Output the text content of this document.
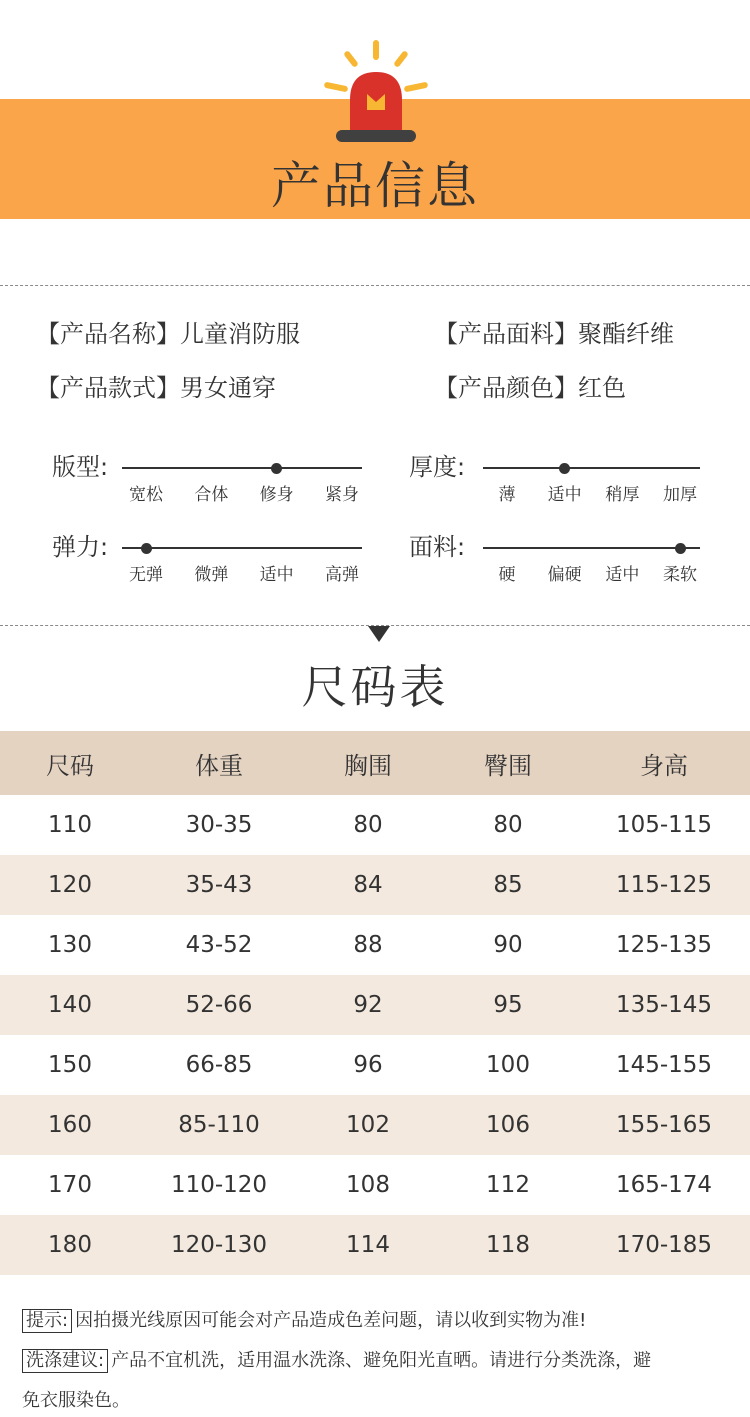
产品信息
【产品名称】儿童消防服	【产品面料】聚酯纤维
【产品款式】男女通穿	【产品颜色】红色
版型:
宽松	合体	修身	紧身
厚度:
薄	适中	稍厚	加厚
弹力:
无弹	微弹	适中	高弹
面料:
硬	偏硬	适中	柔软
尺码表
尺码	体重	胸围	臀围	身高
110	30-35	80	80	105-115
120	35-43	84	85	115-125
130	43-52	88	90	125-135
140	52-66	92	95	135-145
150	66-85	96	100	145-155
160	85-110	102	106	155-165
170	110-120	108	112	165-174
180	120-130	114	118	170-185
提示: 因拍摄光线原因可能会对产品造成色差问题，请以收到实物为准!
洗涤建议: 产品不宜机洗，适用温水洗涤、避免阳光直晒。请进行分类洗涤，避
免衣服染色。
